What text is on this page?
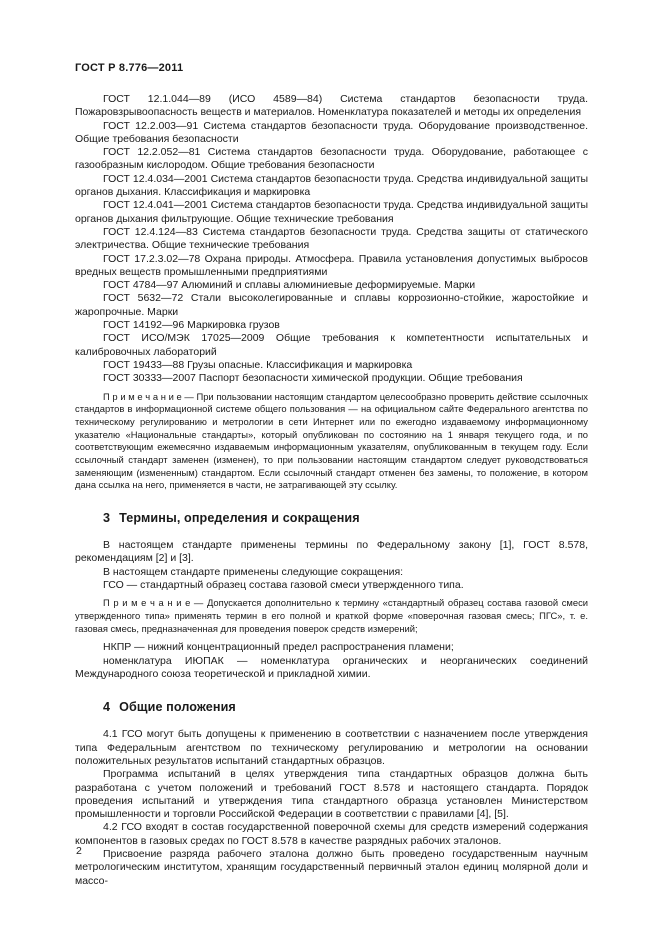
ГОСТ Р 8.776—2011

ГОСТ 12.1.044—89 (ИСО 4589—84) Система стандартов безопасности труда. Пожаровзрывоопасность веществ и материалов. Номенклатура показателей и методы их определения

ГОСТ 12.2.003—91 Система стандартов безопасности труда. Оборудование производственное. Общие требования безопасности

ГОСТ 12.2.052—81 Система стандартов безопасности труда. Оборудование, работающее с газообразным кислородом. Общие требования безопасности

ГОСТ 12.4.034—2001 Система стандартов безопасности труда. Средства индивидуальной защиты органов дыхания. Классификация и маркировка

ГОСТ 12.4.041—2001 Система стандартов безопасности труда. Средства индивидуальной защиты органов дыхания фильтрующие. Общие технические требования

ГОСТ 12.4.124—83 Система стандартов безопасности труда. Средства защиты от статического электричества. Общие технические требования

ГОСТ 17.2.3.02—78 Охрана природы. Атмосфера. Правила установления допустимых выбросов вредных веществ промышленными предприятиями

ГОСТ 4784—97 Алюминий и сплавы алюминиевые деформируемые. Марки

ГОСТ 5632—72 Стали высоколегированные и сплавы коррозионно-стойкие, жаростойкие и жаропрочные. Марки

ГОСТ 14192—96 Маркировка грузов

ГОСТ ИСО/МЭК 17025—2009 Общие требования к компетентности испытательных и калибровочных лабораторий

ГОСТ 19433—88 Грузы опасные. Классификация и маркировка

ГОСТ 30333—2007 Паспорт безопасности химической продукции. Общие требования

П р и м е ч а н и е — При пользовании настоящим стандартом целесообразно проверить действие ссылочных стандартов в информационной системе общего пользования — на официальном сайте Федерального агентства по техническому регулированию и метрологии в сети Интернет или по ежегодно издаваемому информационному указателю «Национальные стандарты», который опубликован по состоянию на 1 января текущего года, и по соответствующим ежемесячно издаваемым информационным указателям, опубликованным в текущем году. Если ссылочный стандарт заменен (изменен), то при пользовании настоящим стандартом следует руководствоваться заменяющим (измененным) стандартом. Если ссылочный стандарт отменен без замены, то положение, в котором дана ссылка на него, применяется в части, не затрагивающей эту ссылку.

3 Термины, определения и сокращения

В настоящем стандарте применены термины по Федеральному закону [1], ГОСТ 8.578, рекомендациям [2] и [3].

В настоящем стандарте применены следующие сокращения:

ГСО — стандартный образец состава газовой смеси утвержденного типа.

П р и м е ч а н и е — Допускается дополнительно к термину «стандартный образец состава газовой смеси утвержденного типа» применять термин в его полной и краткой форме «поверочная газовая смесь; ПГС», т. е. газовая смесь, предназначенная для проведения поверок средств измерений;

НКПР — нижний концентрационный предел распространения пламени;

номенклатура ИЮПАК — номенклатура органических и неорганических соединений Международного союза теоретической и прикладной химии.

4 Общие положения

4.1 ГСО могут быть допущены к применению в соответствии с назначением после утверждения типа Федеральным агентством по техническому регулированию и метрологии на основании положительных результатов испытаний стандартных образцов.

Программа испытаний в целях утверждения типа стандартных образцов должна быть разработана с учетом положений и требований ГОСТ 8.578 и настоящего стандарта. Порядок проведения испытаний и утверждения типа стандартного образца установлен Министерством промышленности и торговли Российской Федерации в соответствии с правилами [4], [5].

4.2 ГСО входят в состав государственной поверочной схемы для средств измерений содержания компонентов в газовых средах по ГОСТ 8.578 в качестве разрядных рабочих эталонов.

Присвоение разряда рабочего эталона должно быть проведено государственным научным метрологическим институтом, хранящим государственный первичный эталон единиц молярной доли и массо-

2
